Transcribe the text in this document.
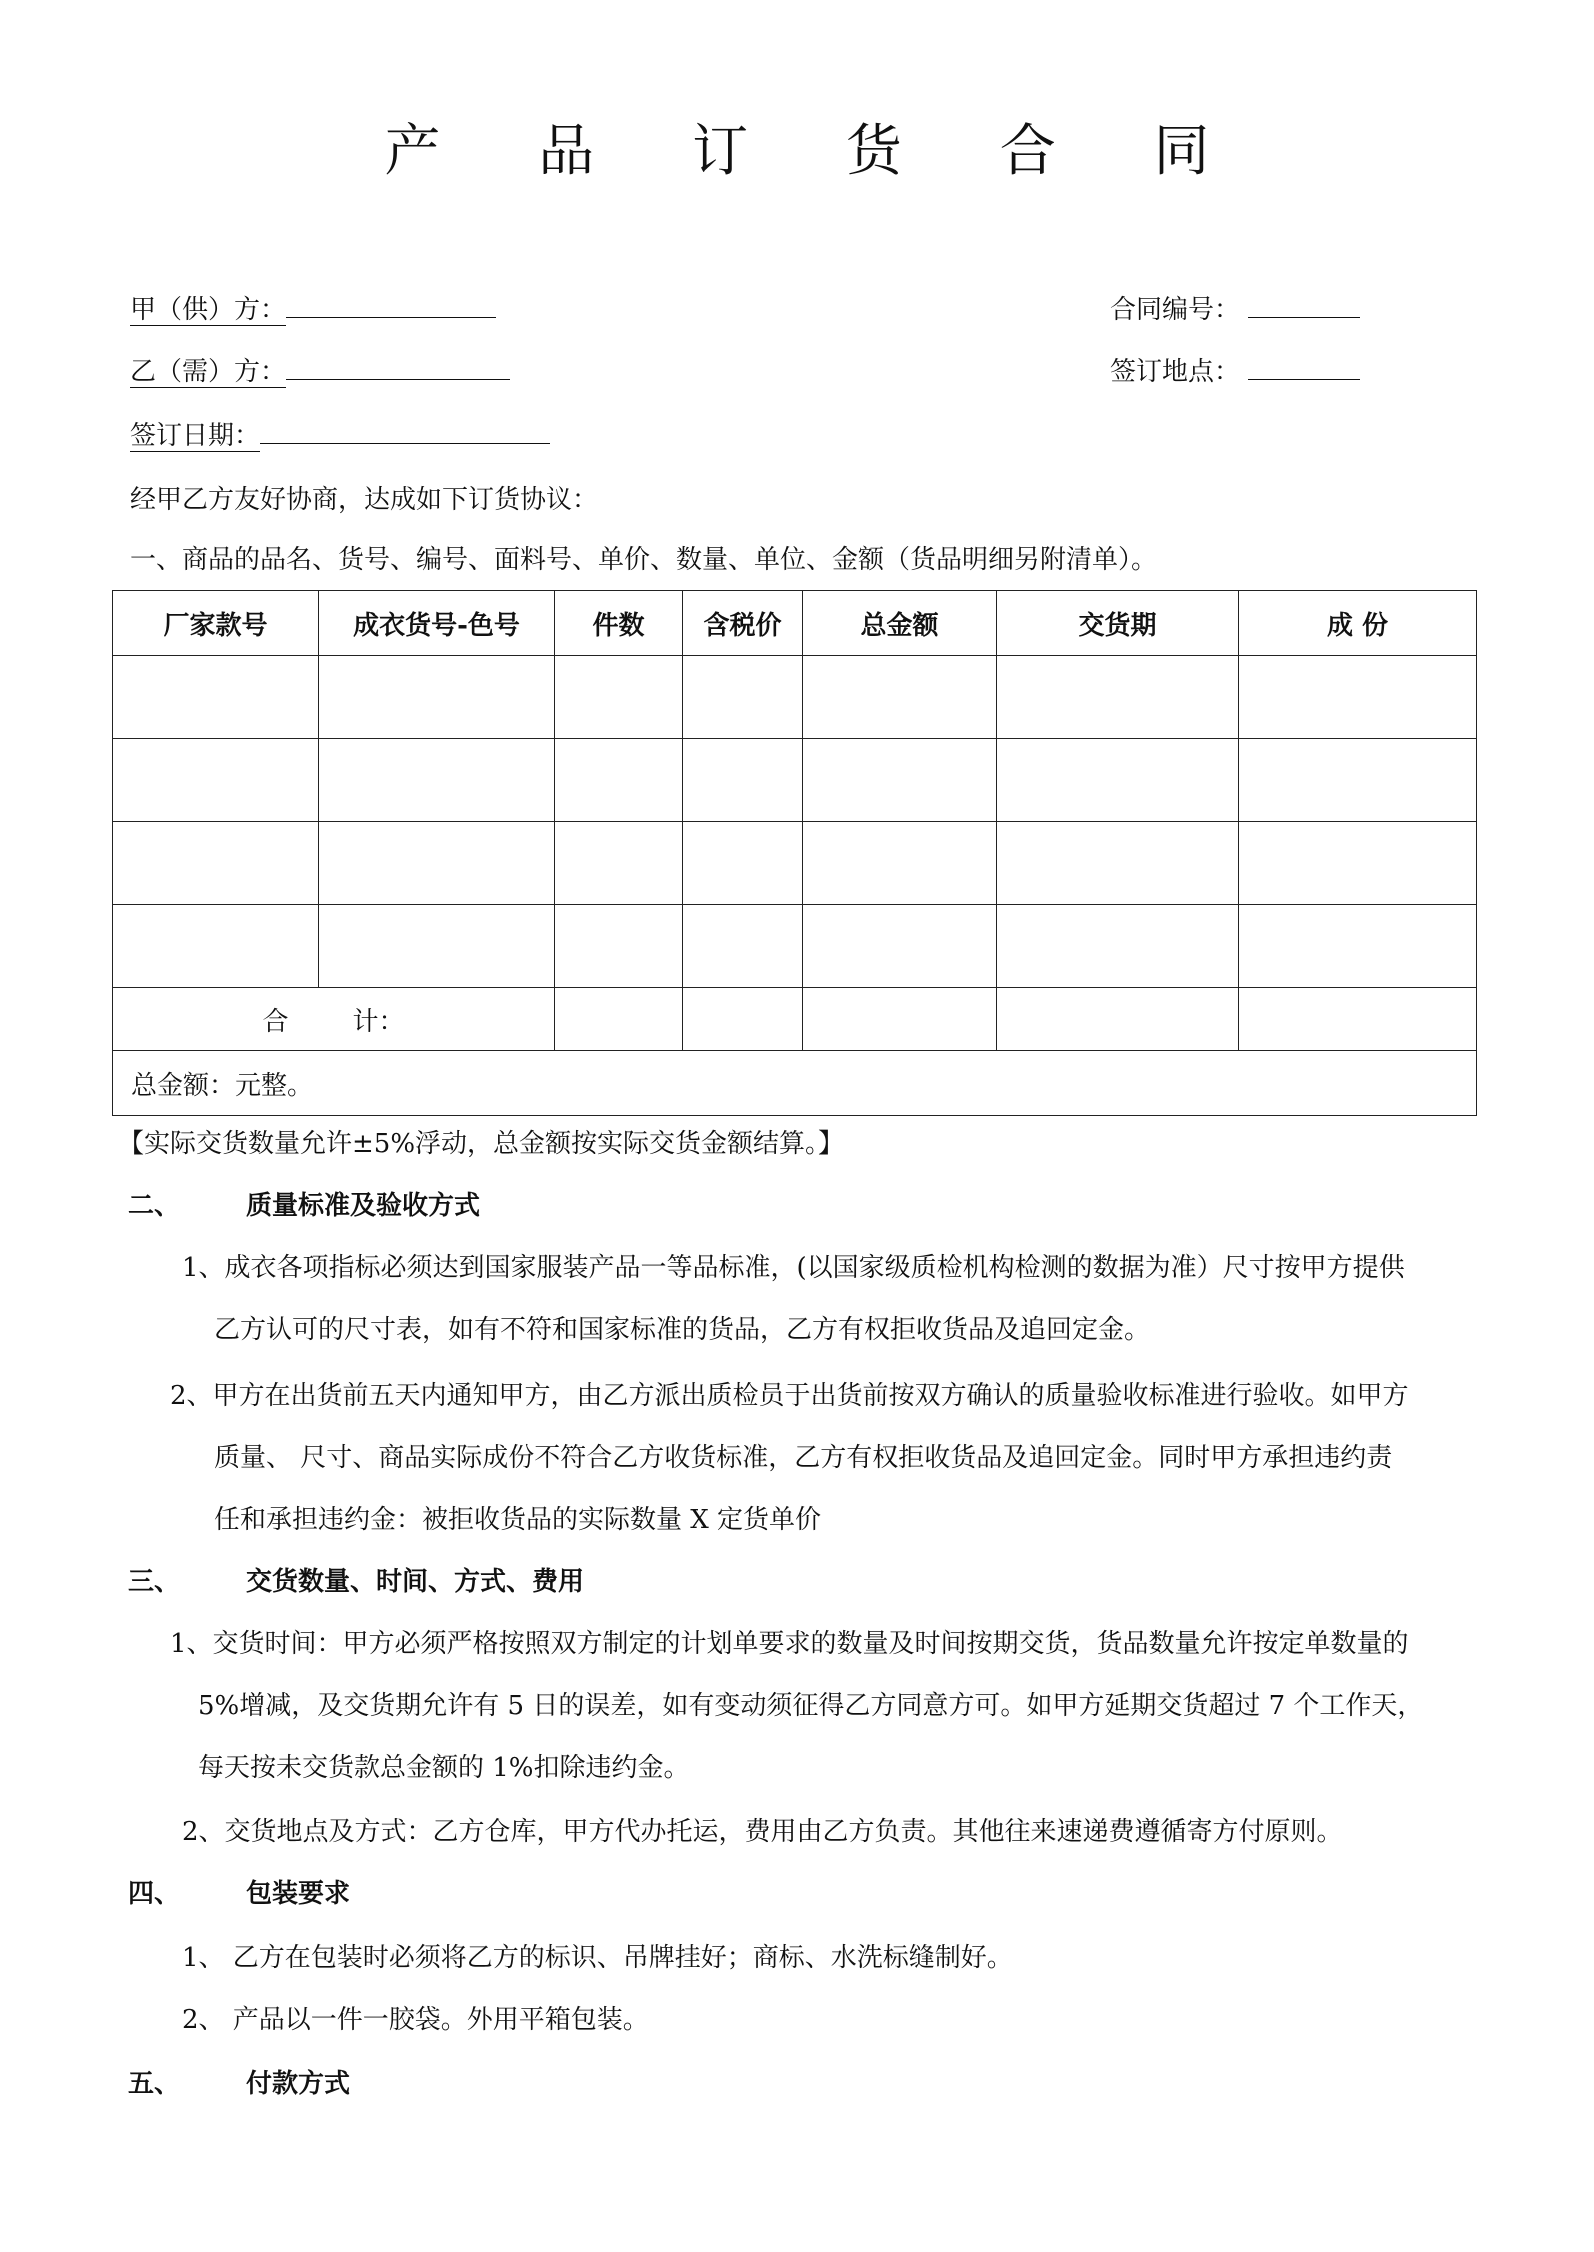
产 品 订 货 合 同
甲（供）方：	合同编号：
乙（需）方：	签订地点：
签订日期：
经甲乙方友好协商，达成如下订货协议：
一、商品的品名、货号、编号、面料号、单价、数量、单位、金额（货品明细另附清单）。
厂家款号	成衣货号-色号	件数	含税价	总金额	交货期	成 份

合 计：						
总金额：元整。						
【实际交货数量允许±5%浮动，总金额按实际交货金额结算。】
二、	质量标准及验收方式
1、成衣各项指标必须达到国家服装产品一等品标准，(以国家级质检机构检测的数据为准）尺寸按甲方提供
乙方认可的尺寸表，如有不符和国家标准的货品，乙方有权拒收货品及追回定金。
2、甲方在出货前五天内通知甲方，由乙方派出质检员于出货前按双方确认的质量验收标准进行验收。如甲方
质量、 尺寸、商品实际成份不符合乙方收货标准，乙方有权拒收货品及追回定金。同时甲方承担违约责
任和承担违约金：被拒收货品的实际数量 X 定货单价
三、	交货数量、时间、方式、费用
1、交货时间：甲方必须严格按照双方制定的计划单要求的数量及时间按期交货，货品数量允许按定单数量的
5%增减，及交货期允许有 5 日的误差，如有变动须征得乙方同意方可。如甲方延期交货超过 7 个工作天，
每天按未交货款总金额的 1%扣除违约金。
2、交货地点及方式：乙方仓库，甲方代办托运，费用由乙方负责。其他往来速递费遵循寄方付原则。
四、	包装要求
1、 乙方在包装时必须将乙方的标识、吊牌挂好；商标、水洗标缝制好。
2、 产品以一件一胶袋。外用平箱包装。
五、	付款方式
